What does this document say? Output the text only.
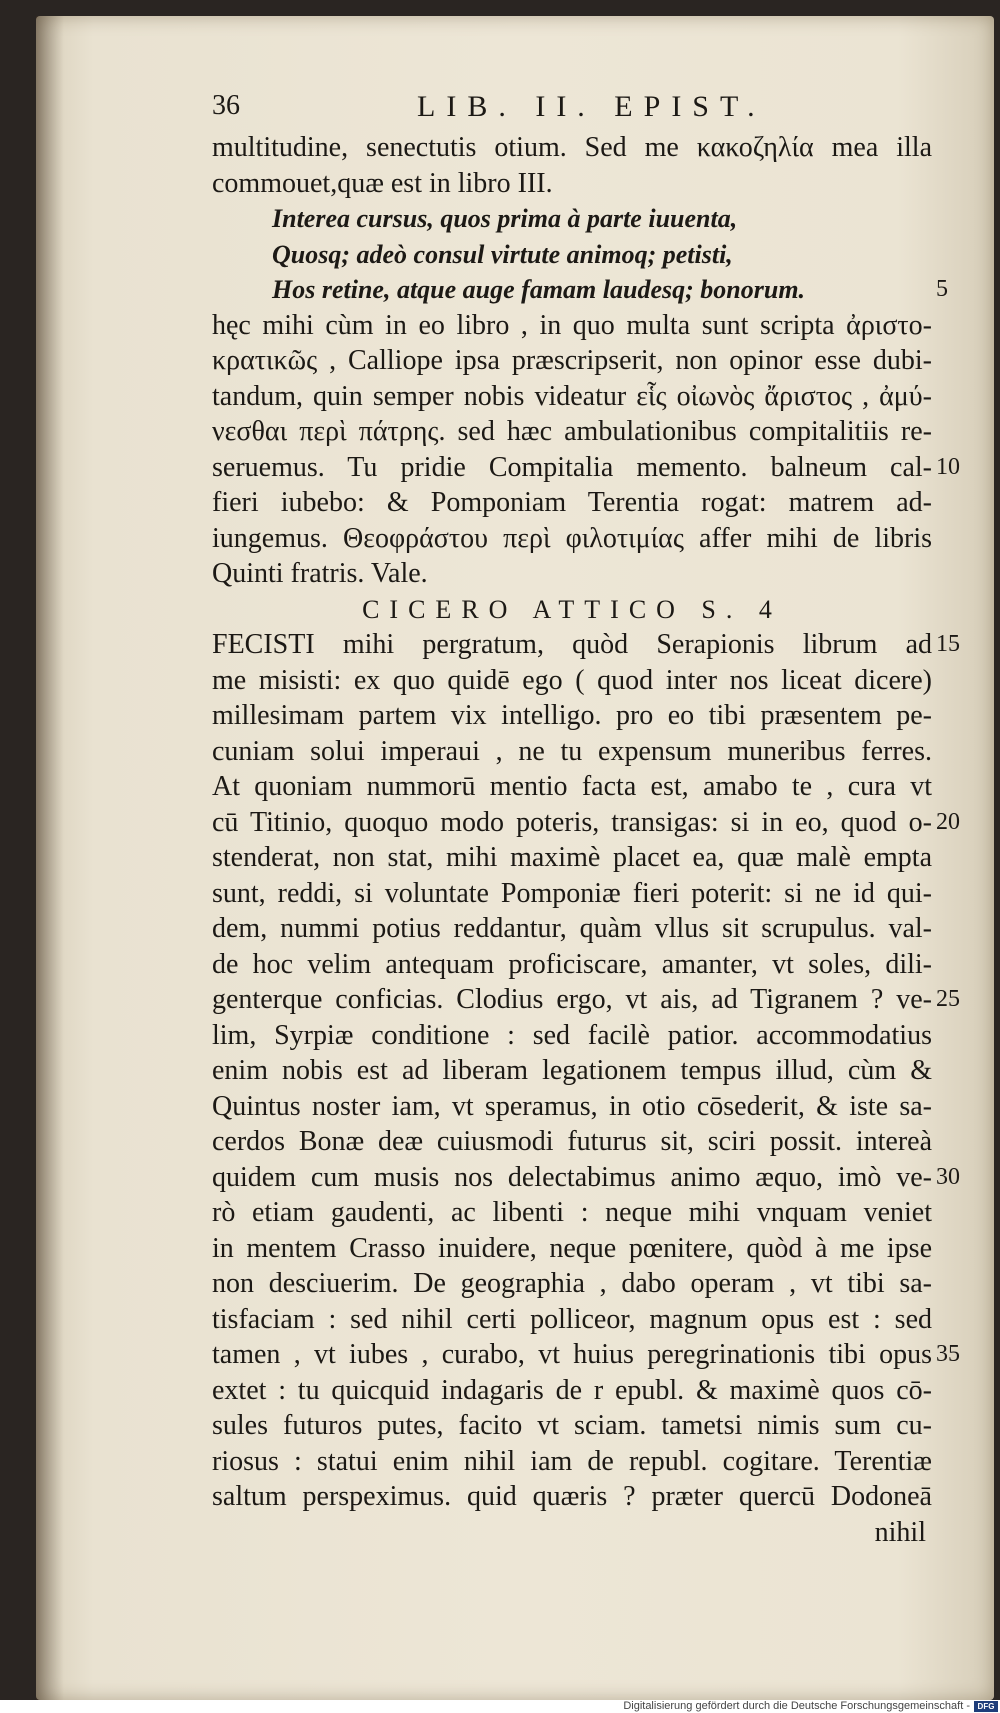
36	LIB. II. EPIST.
multitudine, senectutis otium. Sed me κακοζηλία mea illa
commouet,quæ est in libro III.
Interea cursus, quos prima à parte iuuenta,
Quosq; adeò consul virtute animoq; petisti,
Hos retine, atque auge famam laudesq; bonorum.
hęc mihi cùm in eo libro , in quo multa sunt scripta ἀριστο-
κρατικῶς , Calliope ipsa præscripserit, non opinor esse dubi-
tandum, quin semper nobis videatur εἷς οἰωνὸς ἄριστος , ἀμύ-
νεσθαι περὶ πάτρης. sed hæc ambulationibus compitalitiis re-
seruemus. Tu pridie Compitalia memento. balneum cal-
fieri iubebo: & Pomponiam Terentia rogat: matrem ad-
iungemus. Θεοφράστου περὶ φιλοτιμίας affer mihi de libris
Quinti fratris. Vale.
CICERO ATTICO S. 4
FECISTI mihi pergratum, quòd Serapionis librum ad
me misisti: ex quo quidē ego ( quod inter nos liceat dicere)
millesimam partem vix intelligo. pro eo tibi præsentem pe-
cuniam solui imperaui , ne tu expensum muneribus ferres.
At quoniam nummorū mentio facta est, amabo te , cura vt
cū Titinio, quoquo modo poteris, transigas: si in eo, quod o-
stenderat, non stat, mihi maximè placet ea, quæ malè empta
sunt, reddi, si voluntate Pomponiæ fieri poterit: si ne id qui-
dem, nummi potius reddantur, quàm vllus sit scrupulus. val-
de hoc velim antequam proficiscare, amanter, vt soles, dili-
genterque conficias. Clodius ergo, vt ais, ad Tigranem ? ve-
lim, Syrpiæ conditione : sed facilè patior. accommodatius
enim nobis est ad liberam legationem tempus illud, cùm &
Quintus noster iam, vt speramus, in otio cōsederit, & iste sa-
cerdos Bonæ deæ cuiusmodi futurus sit, sciri possit. intereà
quidem cum musis nos delectabimus animo æquo, imò ve-
rò etiam gaudenti, ac libenti : neque mihi vnquam veniet
in mentem Crasso inuidere, neque pœnitere, quòd à me ipse
non desciuerim. De geographia , dabo operam , vt tibi sa-
tisfaciam : sed nihil certi polliceor, magnum opus est : sed
tamen , vt iubes , curabo, vt huius peregrinationis tibi opus
extet : tu quicquid indagaris de r epubl. & maximè quos cō-
sules futuros putes, facito vt sciam. tametsi nimis sum cu-
riosus : statui enim nihil iam de republ. cogitare. Terentiæ
saltum perspeximus. quid quæris ? præter quercū Dodoneā
nihil
5
10
15
20
25
30
35
Digitalisierung gefördert durch die Deutsche Forschungsgemeinschaft - DFG
